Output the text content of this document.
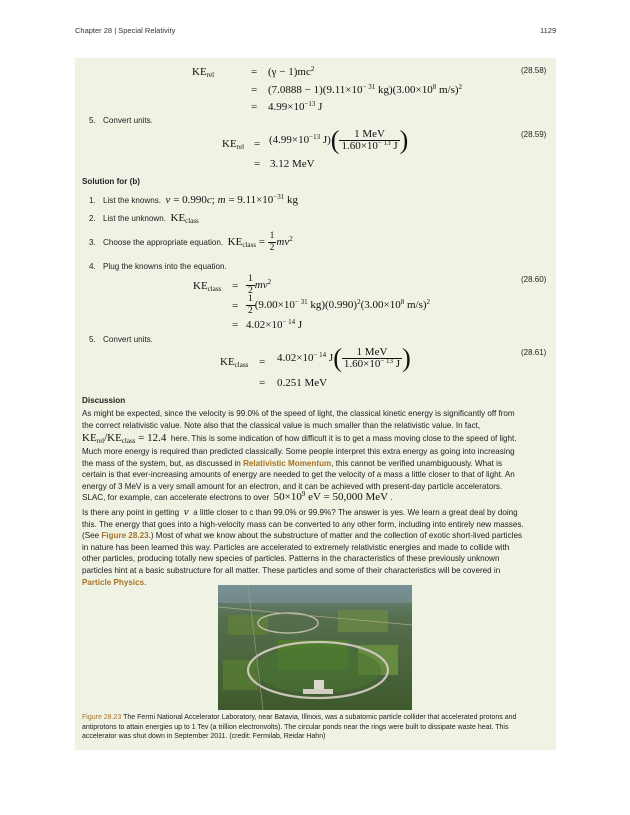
Chapter 28 | Special Relativity	1129
$KE_{rel}$	= $(\gamma - 1)mc^2$
= $(7.0888 - 1)(9.11\times 10^{- 31}$ $kg)(3.00\times 10^8$ m/s)$^2$
= $4.99\times 10^{-13}$ J
(28.58)
5. Convert units.
$KE_{rel} = (4.99\times 10^{-13}$ $J)( \frac{\text{1 MeV}}{1.60\times 10^{- 13} J}$ )
= 3.12 MeV
(28.59)
Solution for (b)
1. List the knowns. v = 0.990c; $m = 9.11\times 10^{-31}$ kg
2. List the unknown. $KE_{class}$
3. Choose the appropriate equation. $KE_{class} = \frac{1}{2} mv^2$
4. Plug the knowns into the equation.
$KE_{class} = \frac{1}{2} mv^2$
= $\frac{1}{2} (9.00\times 10^{- 31}$ $kg)(0.990)^2(3.00\times 10^8$ m/s)$^2$
= $4.02\times 10^{- 14}$ J
(28.60)
5. Convert units.
$KE_{class} = 4.02\times 10^{- 14}$ $J( \frac{\text{1 MeV}}{1.60\times 10^{- 13} J}$ )
= 0.251 MeV
(28.61)
Discussion
As might be expected, since the velocity is 99.0% of the speed of light, the classical kinetic energy is significantly off from
the correct relativistic value. Note also that the classical value is much smaller than the relativistic value. In fact,
$KE_{rel}/KE_{class} = 12.4$ here. This is some indication of how difficult it is to get a mass moving close to the speed of light.
Much more energy is required than predicted classically. Some people interpret this extra energy as going into increasing
the mass of the system, but, as discussed in Relativistic Momentum, this cannot be verified unambiguously. What is
certain is that ever-increasing amounts of energy are needed to get the velocity of a mass a little closer to that of light. An
energy of 3 MeV is a very small amount for an electron, and it can be achieved with present-day particle accelerators.
SLAC, for example, can accelerate electrons to over $50\times 10^9$ eV = 50,000 MeV .
Is there any point in getting v a little closer to c than 99.0% or 99.9%? The answer is yes. We learn a great deal by doing
this. The energy that goes into a high-velocity mass can be converted to any other form, including into entirely new masses.
(See Figure 28.23.) Most of what we know about the substructure of matter and the collection of exotic short-lived particles
in nature has been learned this way. Particles are accelerated to extremely relativistic energies and made to collide with
other particles, producing totally new species of particles. Patterns in the characteristics of these previously unknown
particles hint at a basic substructure for all matter. These particles and some of their characteristics will be covered in
Particle Physics.
Figure 28.23 The Fermi National Accelerator Laboratory, near Batavia, Illinois, was a subatomic particle collider that accelerated protons and
antiprotons to attain energies up to 1 Tev (a trillion electronvolts). The circular ponds near the rings were built to dissipate waste heat. This
accelerator was shut down in September 2011. (credit: Fermilab, Reidar Hahn)
